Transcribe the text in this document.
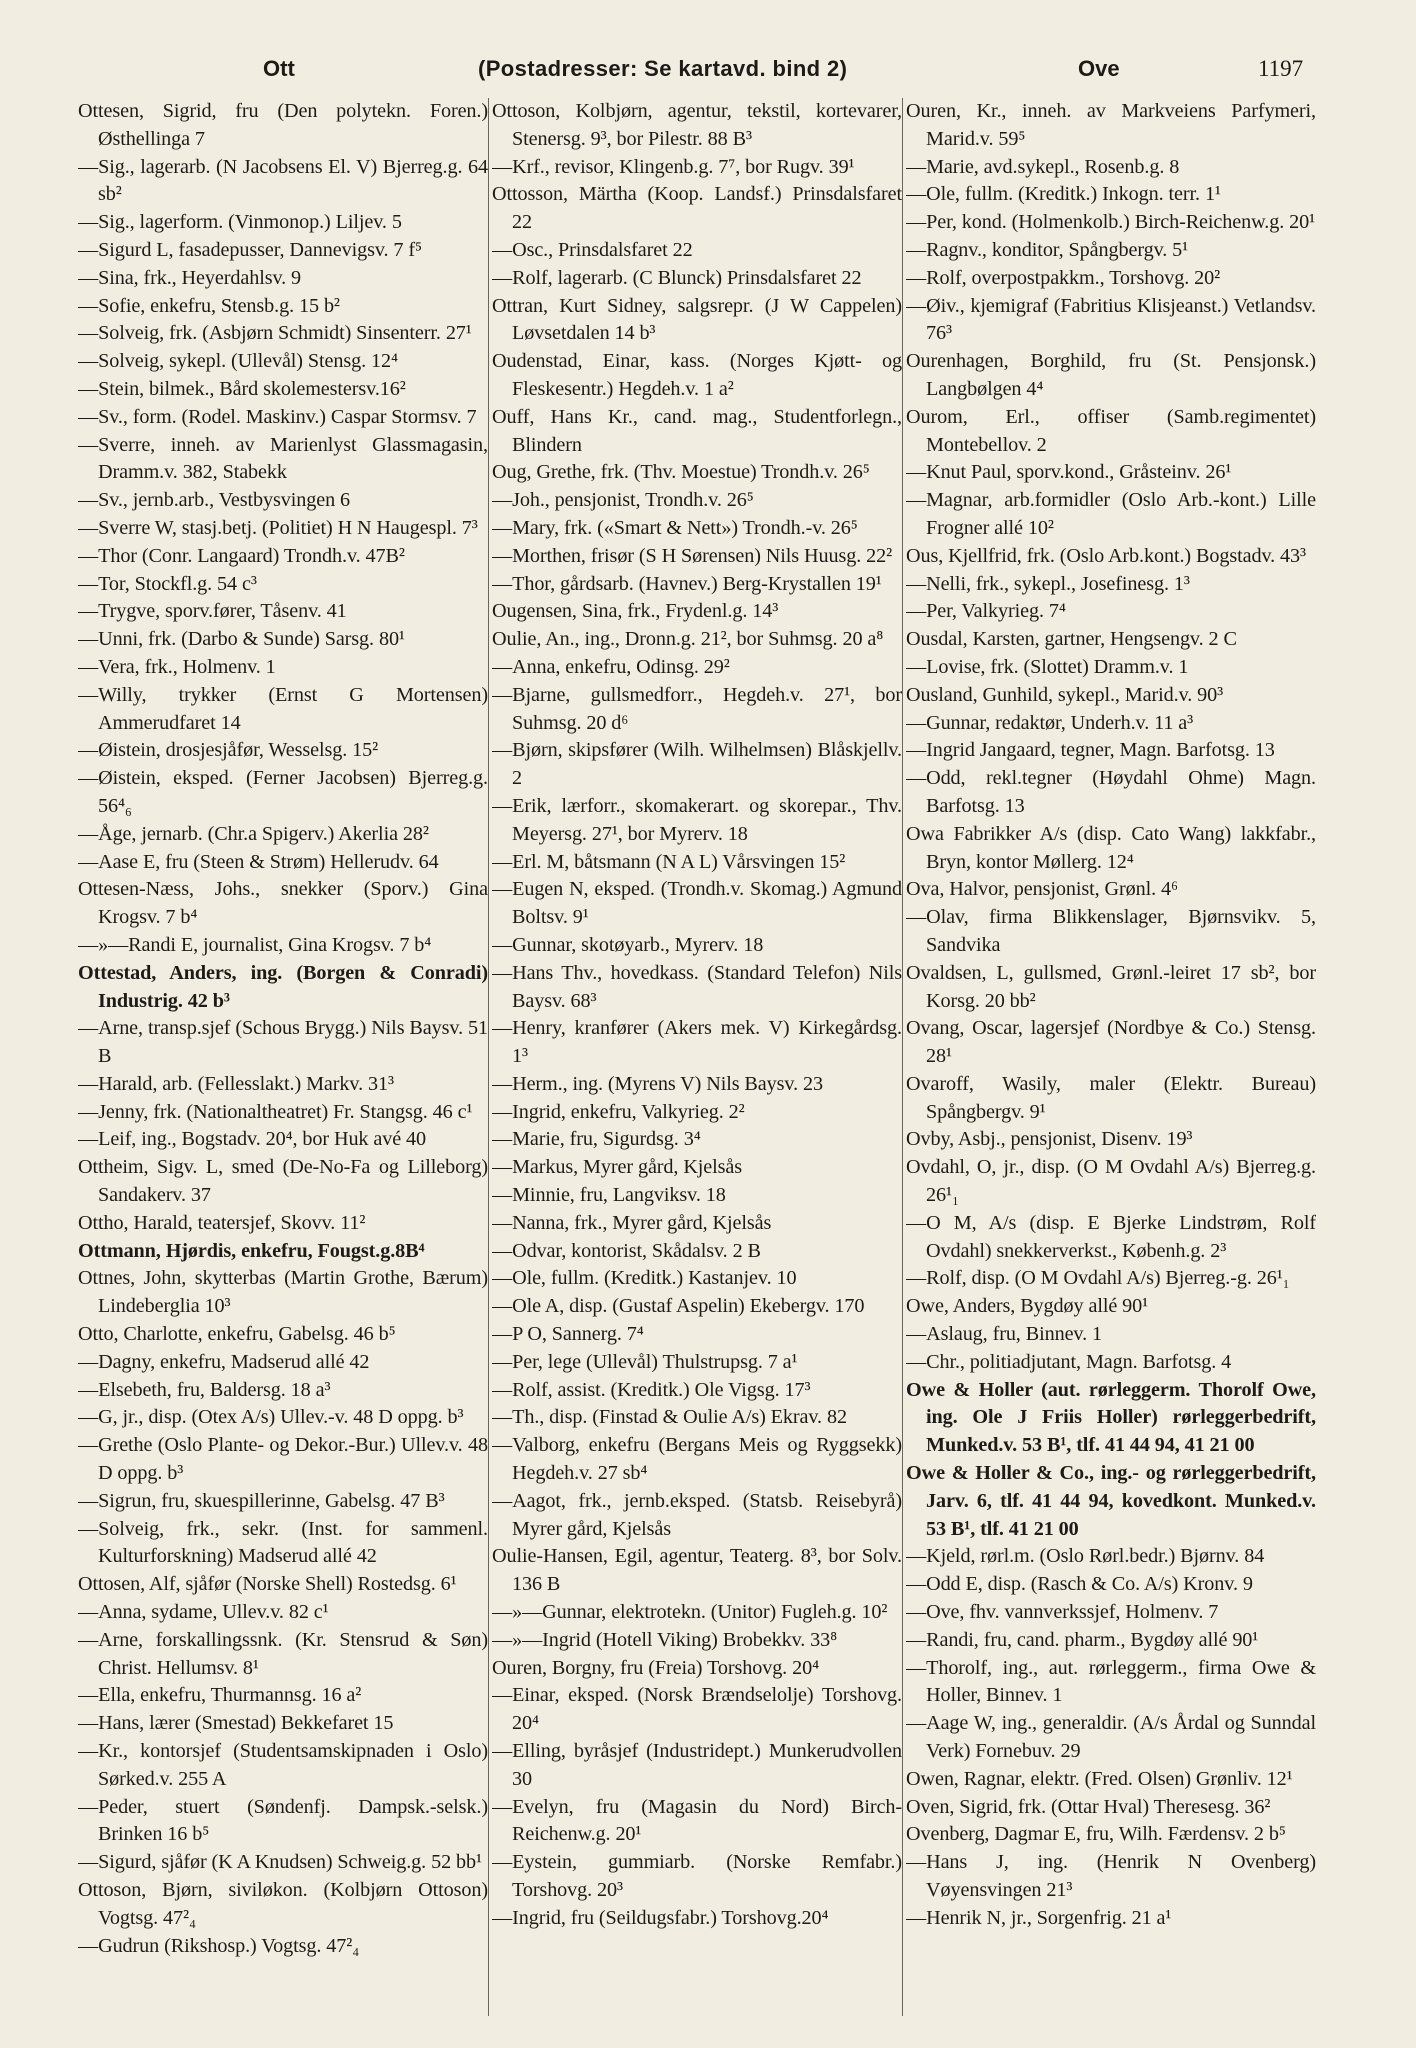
Ott	(Postadresser: Se kartavd. bind 2)	Ove	1197
Ottesen, Sigrid, fru (Den polytekn. Foren.) Østhellinga 7
—Sig., lagerarb. (N Jacobsens El. V) Bjerreg.g. 64 sb²
—Sig., lagerform. (Vinmonop.) Liljev. 5
—Sigurd L, fasadepusser, Dannevigsv. 7 f⁵
—Sina, frk., Heyerdahlsv. 9
—Sofie, enkefru, Stensb.g. 15 b²
—Solveig, frk. (Asbjørn Schmidt) Sinsenterr. 27¹
—Solveig, sykepl. (Ullevål) Stensg. 12⁴
—Stein, bilmek., Bård skolemestersv.16²
—Sv., form. (Rodel. Maskinv.) Caspar Stormsv. 7
—Sverre, inneh. av Marienlyst Glassmagasin, Dramm.v. 382, Stabekk
—Sv., jernb.arb., Vestbysvingen 6
—Sverre W, stasj.betj. (Politiet) H N Haugespl. 7³
—Thor (Conr. Langaard) Trondh.v. 47B²
—Tor, Stockfl.g. 54 c³
—Trygve, sporv.fører, Tåsenv. 41
—Unni, frk. (Darbo & Sunde) Sarsg. 80¹
—Vera, frk., Holmenv. 1
—Willy, trykker (Ernst G Mortensen) Ammerudfaret 14
—Øistein, drosjesjåfør, Wesselsg. 15²
—Øistein, eksped. (Ferner Jacobsen) Bjerreg.g. 56⁴₆
—Åge, jernarb. (Chr.a Spigerv.) Akerlia 28²
—Aase E, fru (Steen & Strøm) Hellerudv. 64
Ottesen-Næss, Johs., snekker (Sporv.) Gina Krogsv. 7 b⁴
—»—Randi E, journalist, Gina Krogsv. 7 b⁴
Ottestad, Anders, ing. (Borgen & Conradi) Industrig. 42 b³
—Arne, transp.sjef (Schous Brygg.) Nils Baysv. 51 B
—Harald, arb. (Fellesslakt.) Markv. 31³
—Jenny, frk. (Nationaltheatret) Fr. Stangsg. 46 c¹
—Leif, ing., Bogstadv. 20⁴, bor Huk avé 40
Ottheim, Sigv. L, smed (De-No-Fa og Lilleborg) Sandakerv. 37
Ottho, Harald, teatersjef, Skovv. 11²
Ottmann, Hjørdis, enkefru, Fougst.g.8B⁴
Ottnes, John, skytterbas (Martin Grothe, Bærum) Lindeberglia 10³
Otto, Charlotte, enkefru, Gabelsg. 46 b⁵
—Dagny, enkefru, Madserud allé 42
—Elsebeth, fru, Baldersg. 18 a³
—G, jr., disp. (Otex A/s) Ullev.-v. 48 D oppg. b³
—Grethe (Oslo Plante- og Dekor.-Bur.) Ullev.v. 48 D oppg. b³
—Sigrun, fru, skuespillerinne, Gabelsg. 47 B³
—Solveig, frk., sekr. (Inst. for sammenl. Kulturforskning) Madserud allé 42
Ottosen, Alf, sjåfør (Norske Shell) Rostedsg. 6¹
—Anna, sydame, Ullev.v. 82 c¹
—Arne, forskallingssnk. (Kr. Stensrud & Søn) Christ. Hellumsv. 8¹
—Ella, enkefru, Thurmannsg. 16 a²
—Hans, lærer (Smestad) Bekkefaret 15
—Kr., kontorsjef (Studentsamskipnaden i Oslo) Sørked.v. 255 A
—Peder, stuert (Søndenfj. Dampsk.-selsk.) Brinken 16 b⁵
—Sigurd, sjåfør (K A Knudsen) Schweig.g. 52 bb¹
Ottoson, Bjørn, siviløkon. (Kolbjørn Ottoson) Vogtsg. 47²₄
—Gudrun (Rikshosp.) Vogtsg. 47²₄
Ottoson, Kolbjørn, agentur, tekstil, kortevarer, Stenersg. 9³, bor Pilestr. 88 B³
—Krf., revisor, Klingenb.g. 7⁷, bor Rugv. 39¹
Ottosson, Märtha (Koop. Landsf.) Prinsdalsfaret 22
—Osc., Prinsdalsfaret 22
—Rolf, lagerarb. (C Blunck) Prinsdalsfaret 22
Ottran, Kurt Sidney, salgsrepr. (J W Cappelen) Løvsetdalen 14 b³
Oudenstad, Einar, kass. (Norges Kjøtt- og Fleskesentr.) Hegdeh.v. 1 a²
Ouff, Hans Kr., cand. mag., Studentforlegn., Blindern
Oug, Grethe, frk. (Thv. Moestue) Trondh.v. 26⁵
—Joh., pensjonist, Trondh.v. 26⁵
—Mary, frk. («Smart & Nett») Trondh.-v. 26⁵
—Morthen, frisør (S H Sørensen) Nils Huusg. 22²
—Thor, gårdsarb. (Havnev.) Berg-Krystallen 19¹
Ougensen, Sina, frk., Frydenl.g. 14³
Oulie, An., ing., Dronn.g. 21², bor Suhmsg. 20 a⁸
—Anna, enkefru, Odinsg. 29²
—Bjarne, gullsmedforr., Hegdeh.v. 27¹, bor Suhmsg. 20 d⁶
—Bjørn, skipsfører (Wilh. Wilhelmsen) Blåskjellv. 2
—Erik, lærforr., skomakerart. og skorepar., Thv. Meyersg. 27¹, bor Myrerv. 18
—Erl. M, båtsmann (N A L) Vårsvingen 15²
—Eugen N, eksped. (Trondh.v. Skomag.) Agmund Boltsv. 9¹
—Gunnar, skotøyarb., Myrerv. 18
—Hans Thv., hovedkass. (Standard Telefon) Nils Baysv. 68³
—Henry, kranfører (Akers mek. V) Kirkegårdsg. 1³
—Herm., ing. (Myrens V) Nils Baysv. 23
—Ingrid, enkefru, Valkyrieg. 2²
—Marie, fru, Sigurdsg. 3⁴
—Markus, Myrer gård, Kjelsås
—Minnie, fru, Langviksv. 18
—Nanna, frk., Myrer gård, Kjelsås
—Odvar, kontorist, Skådalsv. 2 B
—Ole, fullm. (Kreditk.) Kastanjev. 10
—Ole A, disp. (Gustaf Aspelin) Ekebergv. 170
—P O, Sannerg. 7⁴
—Per, lege (Ullevål) Thulstrupsg. 7 a¹
—Rolf, assist. (Kreditk.) Ole Vigsg. 17³
—Th., disp. (Finstad & Oulie A/s) Ekrav. 82
—Valborg, enkefru (Bergans Meis og Ryggsekk) Hegdeh.v. 27 sb⁴
—Aagot, frk., jernb.eksped. (Statsb. Reisebyrå) Myrer gård, Kjelsås
Oulie-Hansen, Egil, agentur, Teaterg. 8³, bor Solv. 136 B
—»—Gunnar, elektrotekn. (Unitor) Fugleh.g. 10²
—»—Ingrid (Hotell Viking) Brobekkv. 33⁸
Ouren, Borgny, fru (Freia) Torshovg. 20⁴
—Einar, eksped. (Norsk Brændselolje) Torshovg. 20⁴
—Elling, byråsjef (Industridept.) Munkerudvollen 30
—Evelyn, fru (Magasin du Nord) Birch-Reichenw.g. 20¹
—Eystein, gummiarb. (Norske Remfabr.) Torshovg. 20³
—Ingrid, fru (Seildugsfabr.) Torshovg.20⁴
Ouren, Kr., inneh. av Markveiens Parfymeri, Marid.v. 59⁵
—Marie, avd.sykepl., Rosenb.g. 8
—Ole, fullm. (Kreditk.) Inkogn. terr. 1¹
—Per, kond. (Holmenkolb.) Birch-Reichenw.g. 20¹
—Ragnv., konditor, Spångbergv. 5¹
—Rolf, overpostpakkm., Torshovg. 20²
—Øiv., kjemigraf (Fabritius Klisjeanst.) Vetlandsv. 76³
Ourenhagen, Borghild, fru (St. Pensjonsk.) Langbølgen 4⁴
Ourom, Erl., offiser (Samb.regimentet) Montebellov. 2
—Knut Paul, sporv.kond., Gråsteinv. 26¹
—Magnar, arb.formidler (Oslo Arb.-kont.) Lille Frogner allé 10²
Ous, Kjellfrid, frk. (Oslo Arb.kont.) Bogstadv. 43³
—Nelli, frk., sykepl., Josefinesg. 1³
—Per, Valkyrieg. 7⁴
Ousdal, Karsten, gartner, Hengsengv. 2 C
—Lovise, frk. (Slottet) Dramm.v. 1
Ousland, Gunhild, sykepl., Marid.v. 90³
—Gunnar, redaktør, Underh.v. 11 a³
—Ingrid Jangaard, tegner, Magn. Barfotsg. 13
—Odd, rekl.tegner (Høydahl Ohme) Magn. Barfotsg. 13
Owa Fabrikker A/s (disp. Cato Wang) lakkfabr., Bryn, kontor Møllerg. 12⁴
Ova, Halvor, pensjonist, Grønl. 4⁶
—Olav, firma Blikkenslager, Bjørnsvikv. 5, Sandvika
Ovaldsen, L, gullsmed, Grønl.-leiret 17 sb², bor Korsg. 20 bb²
Ovang, Oscar, lagersjef (Nordbye & Co.) Stensg. 28¹
Ovaroff, Wasily, maler (Elektr. Bureau) Spångbergv. 9¹
Ovby, Asbj., pensjonist, Disenv. 19³
Ovdahl, O, jr., disp. (O M Ovdahl A/s) Bjerreg.g. 26¹₁
—O M, A/s (disp. E Bjerke Lindstrøm, Rolf Ovdahl) snekkerverkst., Københ.g. 2³
—Rolf, disp. (O M Ovdahl A/s) Bjerreg.-g. 26¹₁
Owe, Anders, Bygdøy allé 90¹
—Aslaug, fru, Binnev. 1
—Chr., politiadjutant, Magn. Barfotsg. 4
Owe & Holler (aut. rørleggerm. Thorolf Owe, ing. Ole J Friis Holler) rørleggerbedrift, Munked.v. 53 B¹, tlf. 41 44 94, 41 21 00
Owe & Holler & Co., ing.- og rørleggerbedrift, Jarv. 6, tlf. 41 44 94, kovedkont. Munked.v. 53 B¹, tlf. 41 21 00
—Kjeld, rørl.m. (Oslo Rørl.bedr.) Bjørnv. 84
—Odd E, disp. (Rasch & Co. A/s) Kronv. 9
—Ove, fhv. vannverkssjef, Holmenv. 7
—Randi, fru, cand. pharm., Bygdøy allé 90¹
—Thorolf, ing., aut. rørleggerm., firma Owe & Holler, Binnev. 1
—Aage W, ing., generaldir. (A/s Årdal og Sunndal Verk) Fornebuv. 29
Owen, Ragnar, elektr. (Fred. Olsen) Grønliv. 12¹
Oven, Sigrid, frk. (Ottar Hval) Theresesg. 36²
Ovenberg, Dagmar E, fru, Wilh. Færdensv. 2 b⁵
—Hans J, ing. (Henrik N Ovenberg) Vøyensvingen 21³
—Henrik N, jr., Sorgenfrig. 21 a¹
